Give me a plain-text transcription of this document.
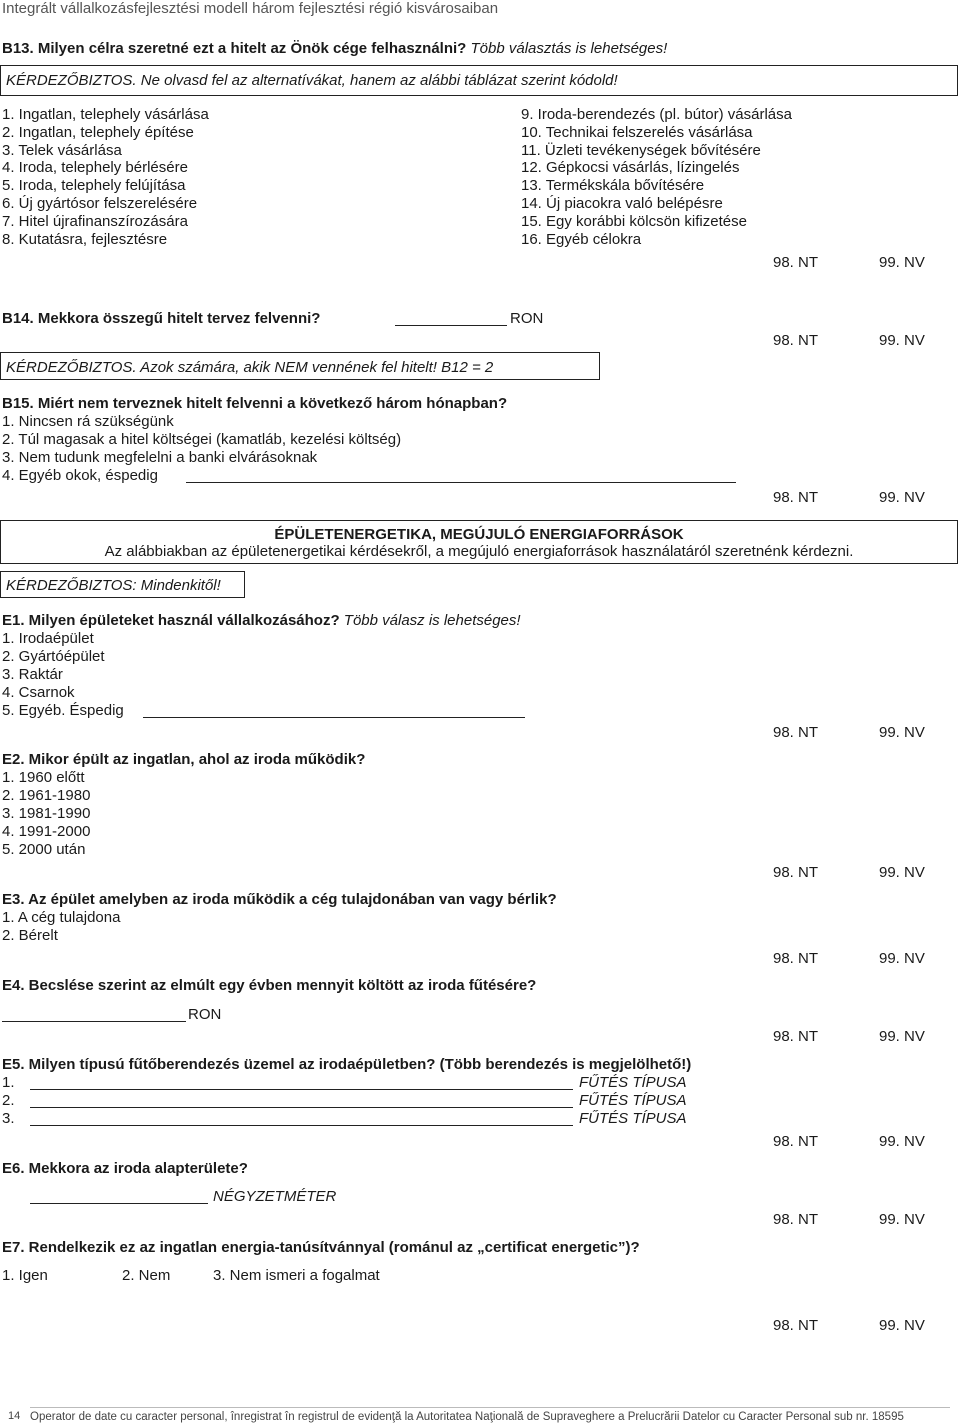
Integrált vállalkozásfejlesztési modell három fejlesztési régió kisvárosaiban
B13. Milyen célra szeretné ezt a hitelt az Önök cége felhasználni? Több választás is lehetséges!
KÉRDEZŐBIZTOS. Ne olvasd fel az alternatívákat, hanem az alábbi táblázat szerint kódold!
1. Ingatlan, telephely vásárlása
2. Ingatlan, telephely építése
3. Telek vásárlása
4. Iroda, telephely bérlésére
5. Iroda, telephely felújítása
6. Új gyártósor felszerelésére
7. Hitel újrafinanszírozására
8. Kutatásra, fejlesztésre
9. Iroda-berendezés (pl. bútor) vásárlása
10. Technikai felszerelés vásárlása
11. Üzleti tevékenységek bővítésére
12. Gépkocsi vásárlás, lízingelés
13. Termékskála bővítésére
14. Új piacokra való belépésre
15. Egy korábbi kölcsön kifizetése
16. Egyéb célokra
98. NT	99. NV
B14. Mekkora összegű hitelt tervez felvenni?	RON
98. NT	99. NV
KÉRDEZŐBIZTOS. Azok számára, akik NEM vennének fel hitelt! B12 = 2
B15. Miért nem terveznek hitelt felvenni a következő három hónapban?
1. Nincsen rá szükségünk
2. Túl magasak a hitel költségei (kamatláb, kezelési költség)
3. Nem tudunk megfelelni a banki elvárásoknak
4. Egyéb okok, éspedig
98. NT	99. NV
ÉPÜLETENERGETIKA, MEGÚJULÓ ENERGIAFORRÁSOK
Az alábbiakban az épületenergetikai kérdésekről, a megújuló energiaforrások használatáról szeretnénk kérdezni.
KÉRDEZŐBIZTOS: Mindenkitől!
E1. Milyen épületeket használ vállalkozásához? Több válasz is lehetséges!
1. Irodaépület
2. Gyártóépület
3. Raktár
4. Csarnok
5. Egyéb. Éspedig
98. NT	99. NV
E2. Mikor épült az ingatlan, ahol az iroda működik?
1. 1960 előtt
2. 1961-1980
3. 1981-1990
4. 1991-2000
5. 2000 után
98. NT	99. NV
E3. Az épület amelyben az iroda működik a cég tulajdonában van vagy bérlik?
1. A cég tulajdona
2. Bérelt
98. NT	99. NV
E4. Becslése szerint az elmúlt egy évben mennyit költött az iroda fűtésére?
RON
98. NT	99. NV
E5. Milyen típusú fűtőberendezés üzemel az irodaépületben? (Több berendezés is megjelölhető!)
1.	FŰTÉS TÍPUSA
2.	FŰTÉS TÍPUSA
3.	FŰTÉS TÍPUSA
98. NT	99. NV
E6. Mekkora az iroda alapterülete?
NÉGYZETMÉTER
98. NT	99. NV
E7. Rendelkezik ez az ingatlan energia-tanúsítvánnyal (románul az „certificat energetic”)?
1. Igen	2. Nem	3. Nem ismeri a fogalmat
98. NT	99. NV
14 Operator de date cu caracter personal, înregistrat în registrul de evidenţă la Autoritatea Naţională de Supraveghere a Prelucrării Datelor cu Caracter Personal sub nr. 18595
